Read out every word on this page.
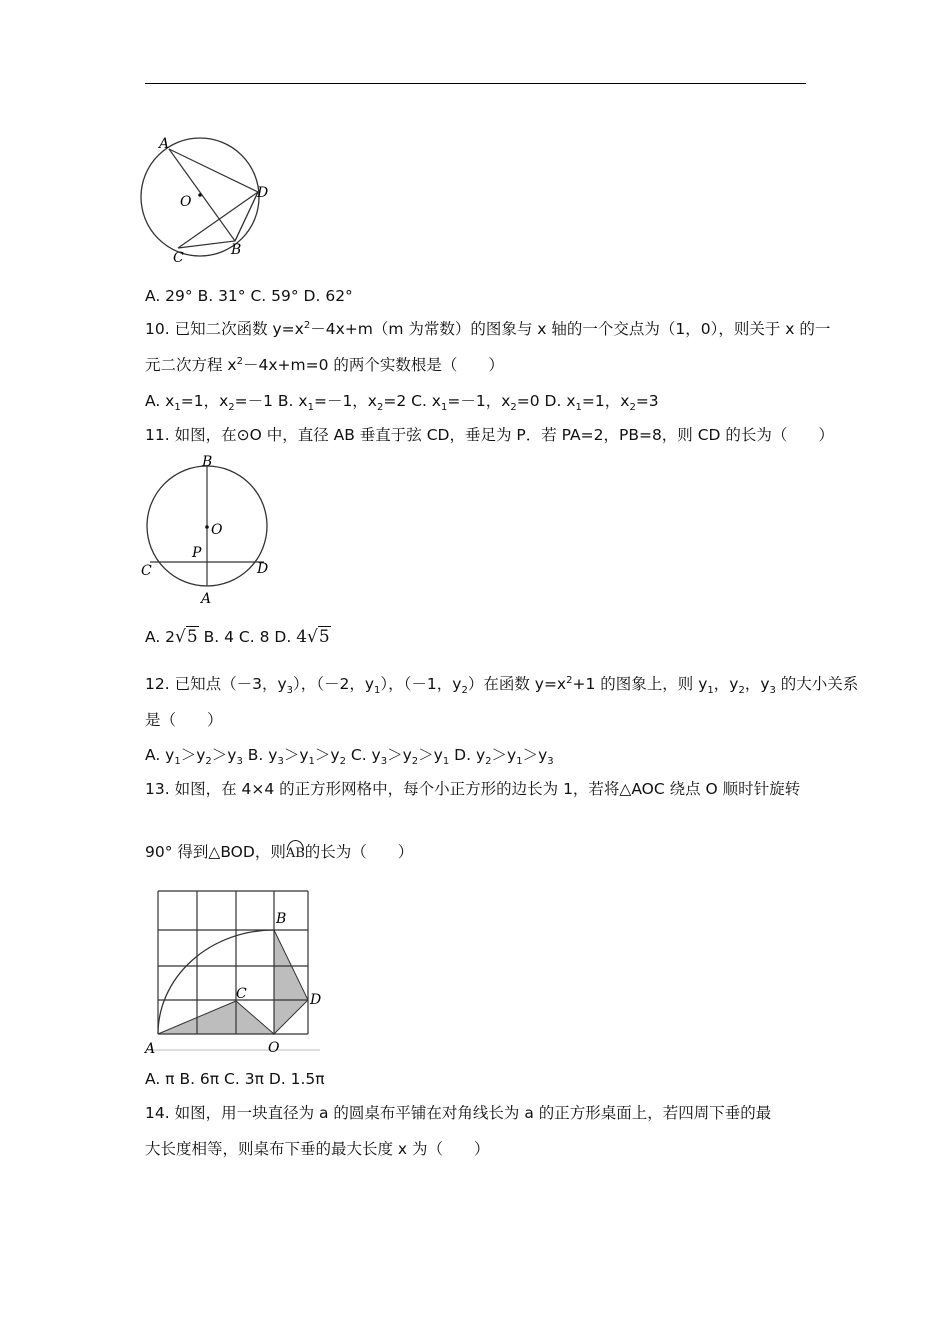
A
O
D
B
C
A. 29° B. 31° C. 59° D. 62°
10. 已知二次函数 $y=x^2-4x+m(m$ 为常数）的图象与 x 轴的一个交点为（1，0），则关于 x 的一
元二次方程 $x^2-4x+m=0$ 的两个实数根是（　　）
A. $x_1=1$，$x_2=-1$ B. $x_1=-1$，$x_2=2$ C. $x_1=-1$，$x_2=0$ D. $x_1=1$，$x_2=3$
11. 如图，在⊙O 中，直径 AB 垂直于弦 CD，垂足为 P．若 PA=2，PB=8，则 CD 的长为（　　）
B
O
P
C	D
A
A. 2√5 B. 4 C. 8 D. 4√5
12. 已知点（－3，$y_3$），（－2，$y_1$），（－1，$y_2$）在函数 $y=x^2+1$ 的图象上，则 $y_1$，$y_2$，$y_3$ 的大小关系
是（　　）
A. $y_1>y_2>y_3$ B. $y_3>y_1>y_2$ C. $y_3>y_2>y_1$ D. $y_2>y_1>y_3$
13. 如图，在 4×4 的正方形网格中，每个小正方形的边长为 1，若将△AOC 绕点 O 顺时针旋转
90° 得到△BOD，则AB的长为（　　）
B
C	D
A	O
A. π B. 6π C. 3π D. 1.5π
14. 如图，用一块直径为 a 的圆桌布平铺在对角线长为 a 的正方形桌面上，若四周下垂的最
大长度相等，则桌布下垂的最大长度 x 为（　　）
